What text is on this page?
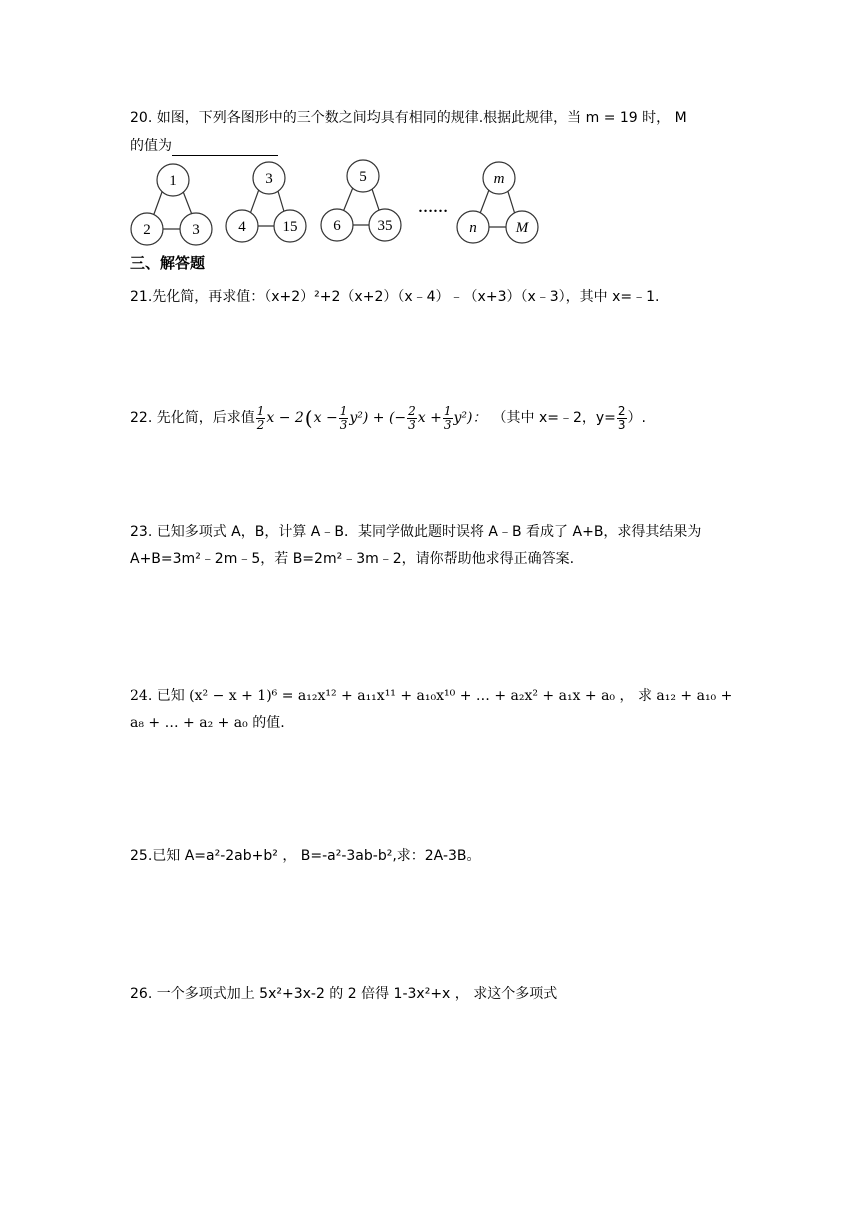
20. 如图，下列各图形中的三个数之间均具有相同的规律.根据此规律，当 m = 19 时， M
的值为
1
2	3
3
4 15
5
6 35
……
m
n	M
三、解答题
21.先化简，再求值：（x+2）²+2（x+2）（x﹣4）﹣（x+3）（x﹣3），其中 x=﹣1.
22. 先化简，后求值 $\frac{1}{2}$ x − 2 ( $x - \frac{1}{3} y^2$ ) + (− $\frac{2}{3}$ $x + \frac{1}{3} y^2$ )： （其中 x=﹣2，$y= \frac{2}{3}$ ）.
23. 已知多项式 A，B，计算 A﹣B．某同学做此题时误将 A﹣B 看成了 A+B，求得其结果为
A+B=3m²﹣2m﹣5，若 B=2m²﹣3m﹣2，请你帮助他求得正确答案.
24. 已知 (x² − x + 1)⁶ = a₁₂x¹² + a₁₁x¹¹ + a₁₀x¹⁰ + … + a₂x² + a₁x + a₀ ， 求 a₁₂ + a₁₀ +
a₈ + … + a₂ + a₀ 的值.
25.已知 A=a²-2ab+b² ， B=-a²-3ab-b²,求：2A-3B。
26. 一个多项式加上 5x²+3x-2 的 2 倍得 1-3x²+x ， 求这个多项式
